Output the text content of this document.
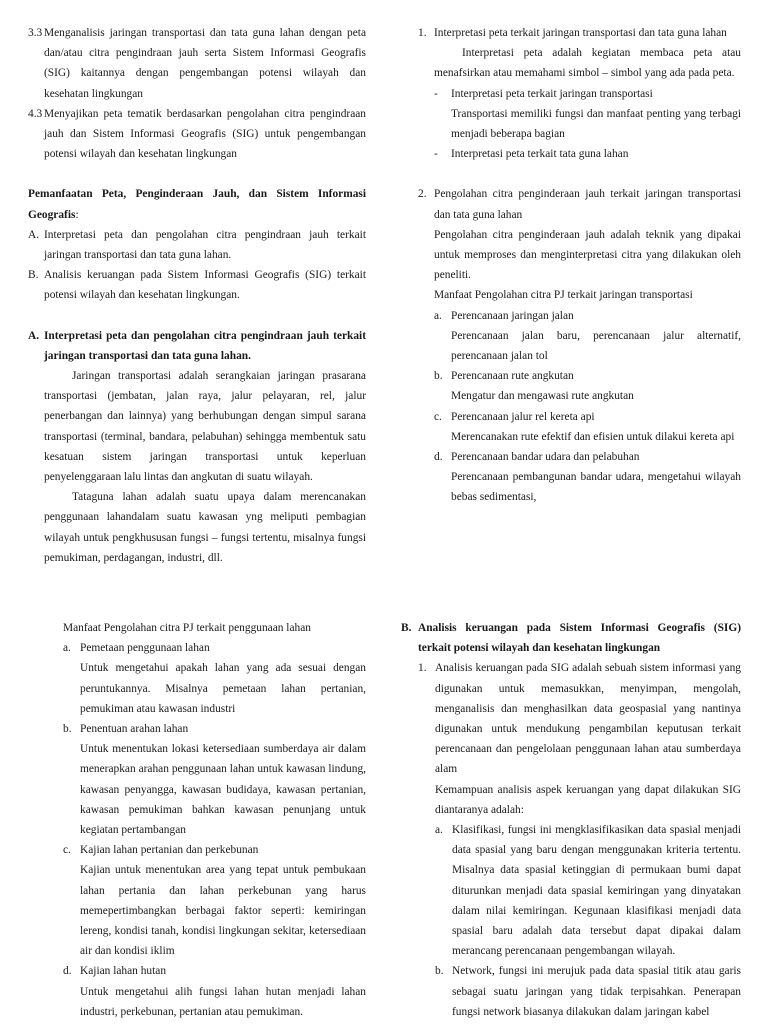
3.3 Menganalisis jaringan transportasi dan tata guna lahan dengan peta dan/atau citra pengindraan jauh serta Sistem Informasi Geografis (SIG) kaitannya dengan pengembangan potensi wilayah dan kesehatan lingkungan
4.3 Menyajikan peta tematik berdasarkan pengolahan citra pengindraan jauh dan Sistem Informasi Geografis (SIG) untuk pengembangan potensi wilayah dan kesehatan lingkungan

Pemanfaatan Peta, Penginderaan Jauh, dan Sistem Informasi Geografis:

A. Interpretasi peta dan pengolahan citra pengindraan jauh terkait jaringan transportasi dan tata guna lahan.
B. Analisis keruangan pada Sistem Informasi Geografis (SIG) terkait potensi wilayah dan kesehatan lingkungan.
A. Interpretasi peta dan pengolahan citra pengindraan jauh terkait jaringan transportasi dan tata guna lahan.

Jaringan transportasi adalah serangkaian jaringan prasarana transportasi (jembatan, jalan raya, jalur pelayaran, rel, jalur penerbangan dan lainnya) yang berhubungan dengan simpul sarana transportasi (terminal, bandara, pelabuhan) sehingga membentuk satu kesatuan sistem jaringan transportasi untuk keperluan penyelenggaraan lalu lintas dan angkutan di suatu wilayah.

Tataguna lahan adalah suatu upaya dalam merencanakan penggunaan lahandalam suatu kawasan yng meliputi pembagian wilayah untuk pengkhususan fungsi – fungsi tertentu, misalnya fungsi pemukiman, perdagangan, industri, dll.

1. Interpretasi peta terkait jaringan transportasi dan tata guna lahan

Interpretasi peta adalah kegiatan membaca peta atau menafsirkan atau memahami simbol – simbol yang ada pada peta.

-	Interpretasi peta terkait jaringan transportasi

Transportasi memiliki fungsi dan manfaat penting yang terbagi menjadi beberapa bagian

-	Interpretasi peta terkait tata guna lahan
2. Pengolahan citra penginderaan jauh terkait jaringan transportasi dan tata guna lahan

Pengolahan citra penginderaan jauh adalah teknik yang dipakai untuk memproses dan menginterpretasi citra yang dilakukan oleh peneliti.

Manfaat Pengolahan citra PJ terkait jaringan transportasi

a. Perencanaan jaringan jalan

Perencanaan jalan baru, perencanaan jalur alternatif, perencanaan jalan tol

b. Perencanaan rute angkutan

Mengatur dan mengawasi rute angkutan

c. Perencanaan jalur rel kereta api

Merencanakan rute efektif dan efisien untuk dilakui kereta api

d. Perencanaan bandar udara dan pelabuhan

Perencanaan pembangunan bandar udara, mengetahui wilayah bebas sedimentasi,

Manfaat Pengolahan citra PJ terkait penggunaan lahan

a. Pemetaan penggunaan lahan

Untuk mengetahui apakah lahan yang ada sesuai dengan peruntukannya. Misalnya pemetaan lahan pertanian, pemukiman atau kawasan industri

b. Penentuan arahan lahan

Untuk menentukan lokasi ketersediaan sumberdaya air dalam menerapkan arahan penggunaan lahan untuk kawasan lindung, kawasan penyangga, kawasan budidaya, kawasan pertanian, kawasan pemukiman bahkan kawasan penunjang untuk kegiatan pertambangan

c. Kajian lahan pertanian dan perkebunan

Kajian untuk menentukan area yang tepat untuk pembukaan lahan pertania dan lahan perkebunan yang harus memepertimbangkan berbagai faktor seperti: kemiringan lereng, kondisi tanah, kondisi lingkungan sekitar, ketersediaan air dan kondisi iklim

d. Kajian lahan hutan

Untuk mengetahui alih fungsi lahan hutan menjadi lahan industri, perkebunan, pertanian atau pemukiman.

B. Analisis keruangan pada Sistem Informasi Geografis (SIG) terkait potensi wilayah dan kesehatan lingkungan
1. Analisis keruangan pada SIG adalah sebuah sistem informasi yang digunakan untuk memasukkan, menyimpan, mengolah, menganalisis dan menghasilkan data geospasial yang nantinya digunakan untuk mendukung pengambilan keputusan terkait perencanaan dan pengelolaan penggunaan lahan atau sumberdaya alam

Kemampuan analisis aspek keruangan yang dapat dilakukan SIG diantaranya adalah:

a. Klasifikasi, fungsi ini mengklasifikasikan data spasial menjadi data spasial yang baru dengan menggunakan kriteria tertentu. Misalnya data spasial ketinggian di permukaan bumi dapat diturunkan menjadi data spasial kemiringan yang dinyatakan dalam nilai kemiringan. Kegunaan klasifikasi menjadi data spasial baru adalah data tersebut dapat dipakai dalam merancang perencanaan pengembangan wilayah.
b. Network, fungsi ini merujuk pada data spasial titik atau garis sebagai suatu jaringan yang tidak terpisahkan. Penerapan fungsi network biasanya dilakukan dalam jaringan kabel
